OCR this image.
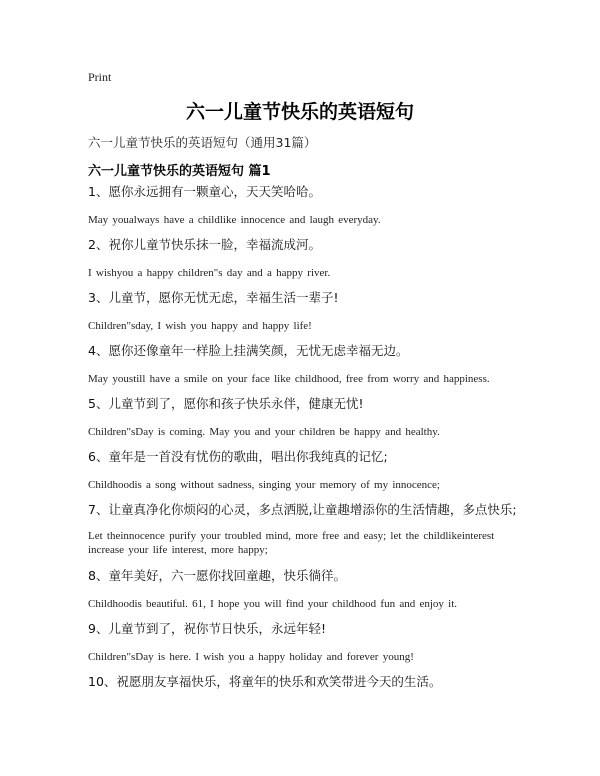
Print
六一儿童节快乐的英语短句
六一儿童节快乐的英语短句（通用31篇）
六一儿童节快乐的英语短句 篇1

1、愿你永远拥有一颗童心，天天笑哈哈。

May youalways have a childlike innocence and laugh everyday.

2、祝你儿童节快乐抹一脸，幸福流成河。

I wishyou a happy children"s day and a happy river.

3、儿童节，愿你无忧无虑，幸福生活一辈子!

Children"sday, I wish you happy and happy life!

4、愿你还像童年一样脸上挂满笑颜，无忧无虑幸福无边。

May youstill have a smile on your face like childhood, free from worry and happiness.

5、儿童节到了，愿你和孩子快乐永伴，健康无忧!

Children"sDay is coming. May you and your children be happy and healthy.

6、童年是一首没有忧伤的歌曲，唱出你我纯真的记忆;

Childhoodis a song without sadness, singing your memory of my innocence;

7、让童真净化你烦闷的心灵，多点洒脱,让童趣增添你的生活情趣，多点快乐;

Let theinnocence purify your troubled mind, more free and easy; let the childlikeinterest increase your life interest, more happy;

8、童年美好，六一愿你找回童趣，快乐徜徉。

Childhoodis beautiful. 61, I hope you will find your childhood fun and enjoy it.

9、儿童节到了，祝你节日快乐，永远年轻!

Children"sDay is here. I wish you a happy holiday and forever young!

10、祝愿朋友享福快乐，将童年的快乐和欢笑带进今天的生活。
